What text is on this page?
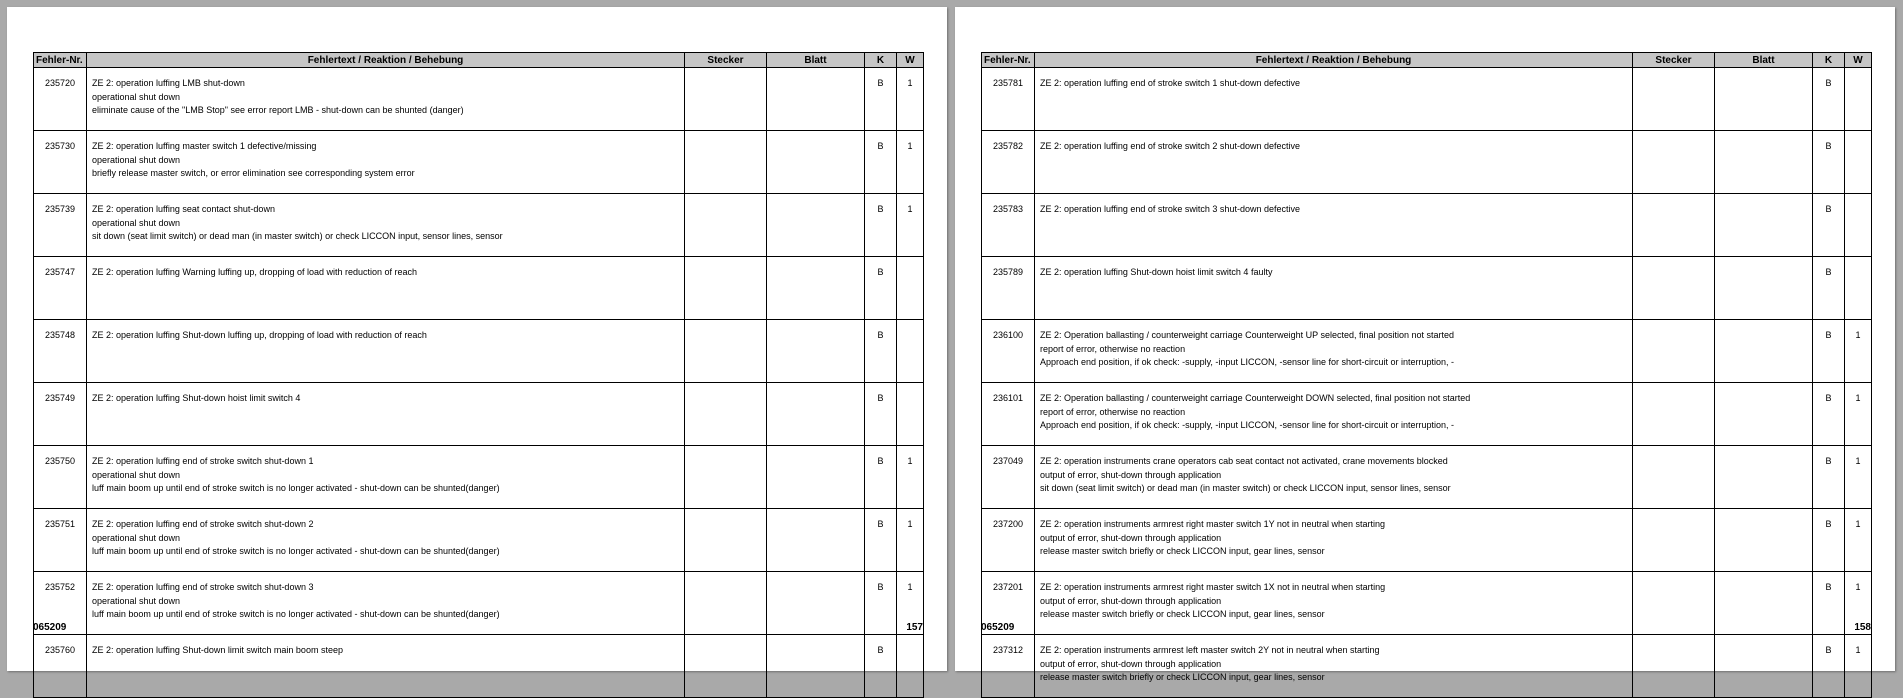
Fehler-Nr.	Fehlertext / Reaktion / Behebung	Stecker	Blatt	K	W
235720	ZE 2: operation luffing LMB shut-down
operational shut down
eliminate cause of the "LMB Stop" see error report LMB - shut-down can be shunted (danger)			B	1
235730	ZE 2: operation luffing master switch 1 defective/missing
operational shut down
briefly release master switch, or error elimination see corresponding system error			B	1
235739	ZE 2: operation luffing seat contact shut-down
operational shut down
sit down (seat limit switch) or dead man (in master switch) or check LICCON input, sensor lines, sensor			B	1
235747	ZE 2: operation luffing Warning luffing up, dropping of load with reduction of reach			B	
235748	ZE 2: operation luffing Shut-down luffing up, dropping of load with reduction of reach			B	
235749	ZE 2: operation luffing Shut-down hoist limit switch 4			B	
235750	ZE 2: operation luffing end of stroke switch shut-down 1
operational shut down
luff main boom up until end of stroke switch is no longer activated - shut-down can be shunted(danger)			B	1
235751	ZE 2: operation luffing end of stroke switch shut-down 2
operational shut down
luff main boom up until end of stroke switch is no longer activated - shut-down can be shunted(danger)			B	1
235752	ZE 2: operation luffing end of stroke switch shut-down 3
operational shut down
luff main boom up until end of stroke switch is no longer activated - shut-down can be shunted(danger)			B	1
235760	ZE 2: operation luffing Shut-down limit switch main boom steep			B	
065209	157
Fehler-Nr.	Fehlertext / Reaktion / Behebung	Stecker	Blatt	K	W
235781	ZE 2: operation luffing end of stroke switch 1 shut-down defective			B	
235782	ZE 2: operation luffing end of stroke switch 2 shut-down defective			B	
235783	ZE 2: operation luffing end of stroke switch 3 shut-down defective			B	
235789	ZE 2: operation luffing Shut-down hoist limit switch 4 faulty			B	
236100	ZE 2: Operation ballasting / counterweight carriage Counterweight UP selected, final position not started
report of error, otherwise no reaction
Approach end position, if ok check: -supply, -input LICCON, -sensor line for short-circuit or interruption, -			B	1
236101	ZE 2: Operation ballasting / counterweight carriage Counterweight DOWN selected, final position not started
report of error, otherwise no reaction
Approach end position, if ok check: -supply, -input LICCON, -sensor line for short-circuit or interruption, -			B	1
237049	ZE 2: operation instruments crane operators cab seat contact not activated, crane movements blocked
output of error, shut-down through application
sit down (seat limit switch) or dead man (in master switch) or check LICCON input, sensor lines, sensor			B	1
237200	ZE 2: operation instruments armrest right master switch 1Y not in neutral when starting
output of error, shut-down through application
release master switch briefly or check LICCON input, gear lines, sensor			B	1
237201	ZE 2: operation instruments armrest right master switch 1X not in neutral when starting
output of error, shut-down through application
release master switch briefly or check LICCON input, gear lines, sensor			B	1
237312	ZE 2: operation instruments armrest left master switch 2Y not in neutral when starting
output of error, shut-down through application
release master switch briefly or check LICCON input, gear lines, sensor			B	1
065209	158
